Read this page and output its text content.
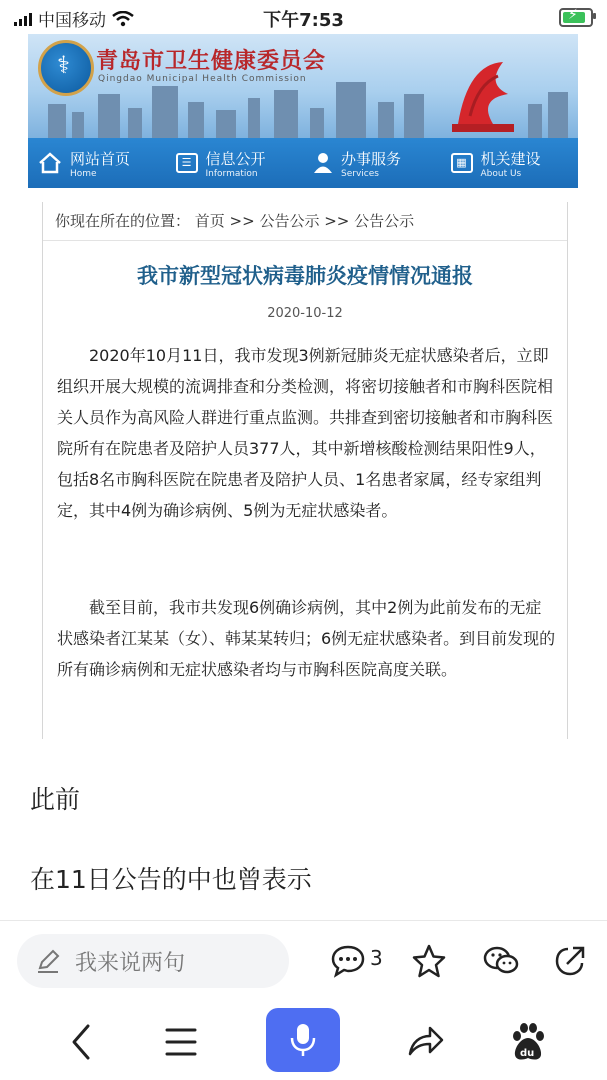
中国移动	下午7:53	⚡
⚕ 青岛市卫生健康委员会
Qingdao Municipal Health Commission
网站首页
Home
☰ 信息公开
Information
办事服务
Services
▦ 机关建设
About Us
你现在所在的位置： 首页 >> 公告公示 >> 公告公示
我市新型冠状病毒肺炎疫情情况通报
2020-10-12
2020年10月11日，我市发现3例新冠肺炎无症状感染者后，立即组织开展大规模的流调排查和分类检测，将密切接触者和市胸科医院相关人员作为高风险人群进行重点监测。共排查到密切接触者和市胸科医院所有在院患者及陪护人员377人，其中新增核酸检测结果阳性9人，包括8名市胸科医院在院患者及陪护人员、1名患者家属，经专家组判定，其中4例为确诊病例、5例为无症状感染者。
截至目前，我市共发现6例确诊病例，其中2例为此前发布的无症状感染者江某某（女）、韩某某转归；6例无症状感染者。到目前发现的所有确诊病例和无症状感染者均与市胸科医院高度关联。
此前
在11日公告的中也曾表示
我来说两句	3
du
